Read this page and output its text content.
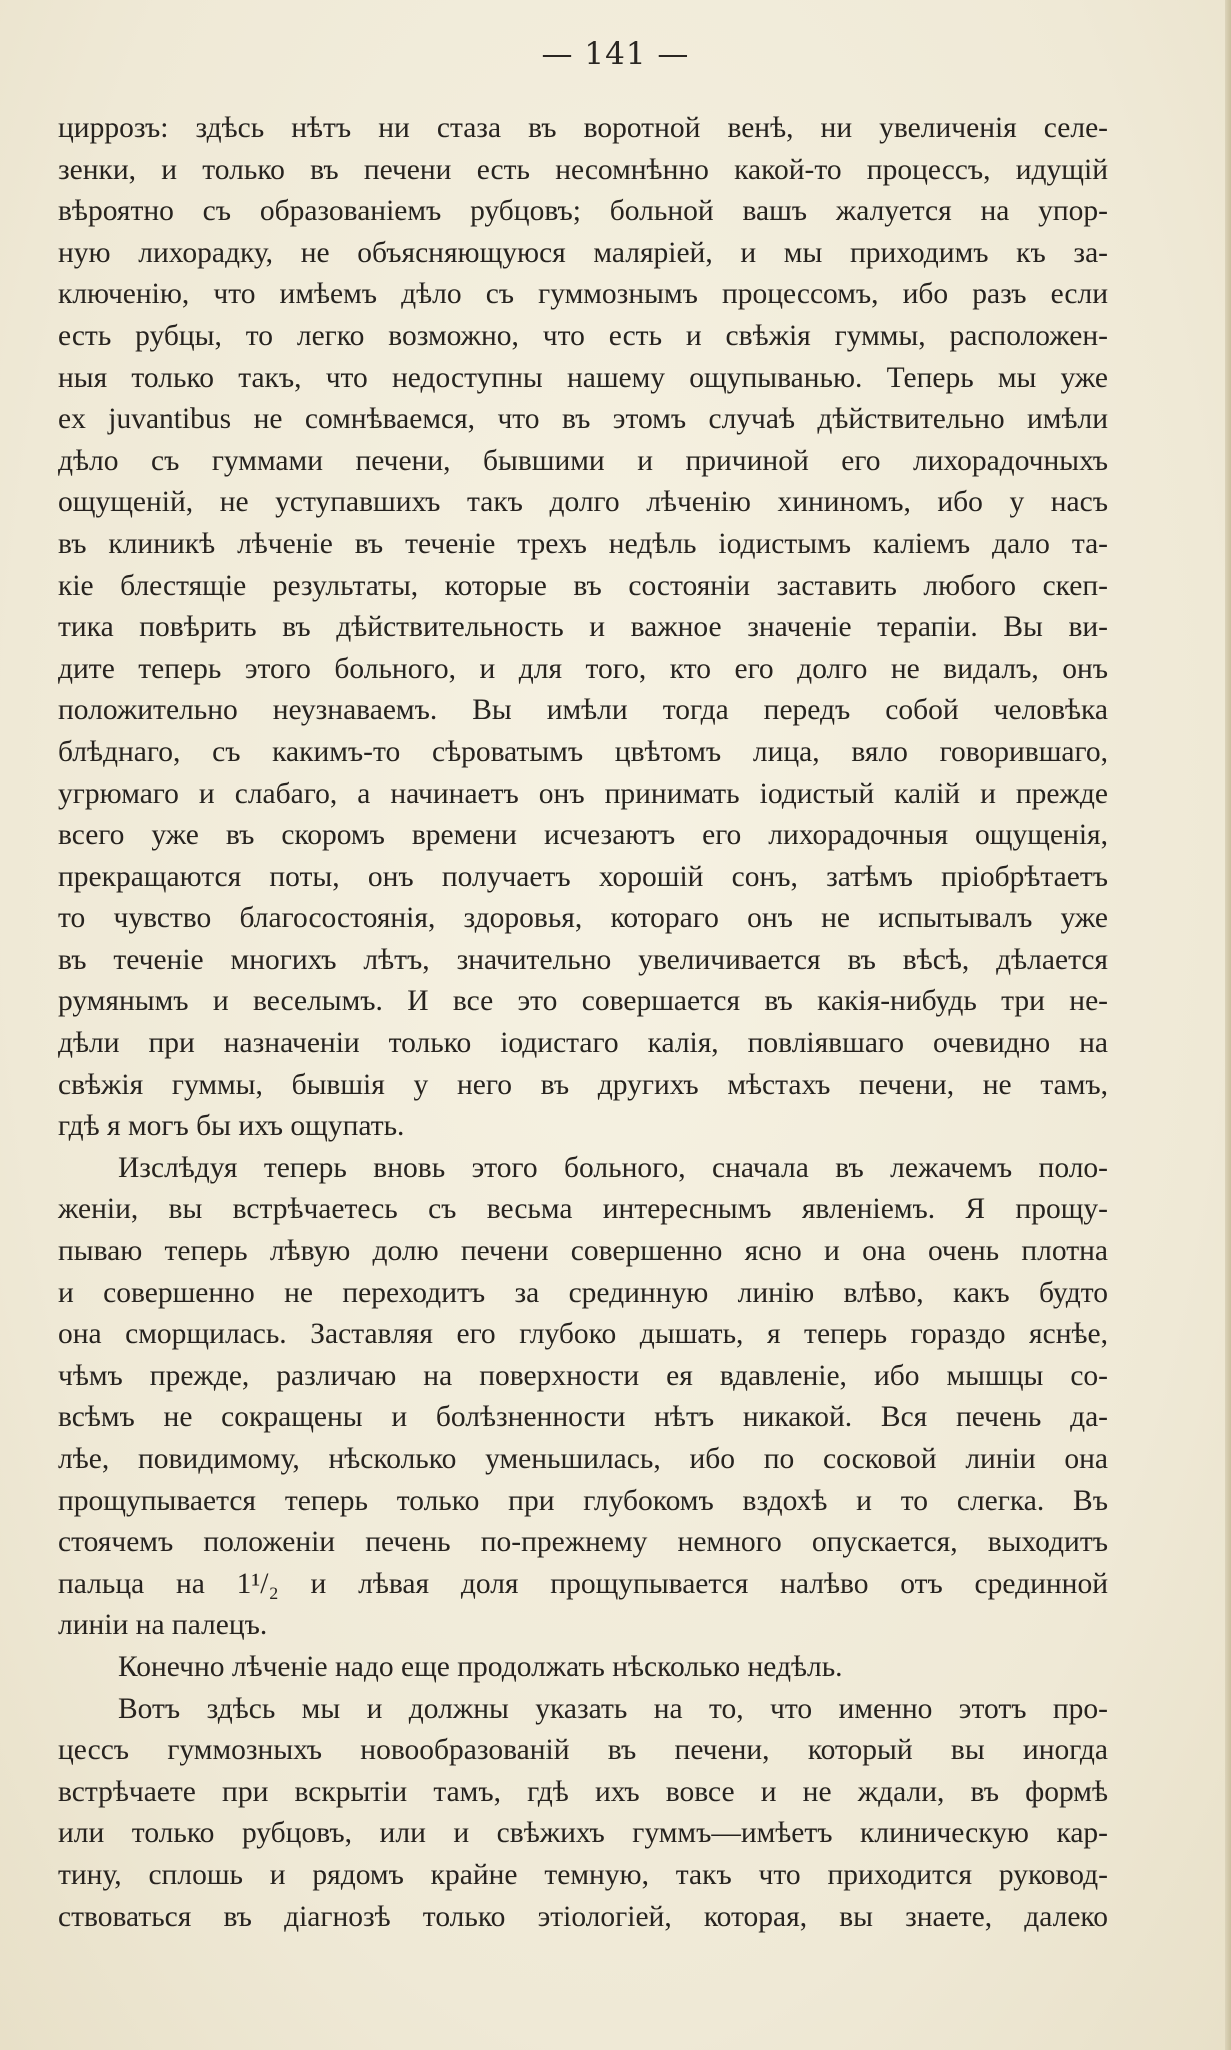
— 141 —
циррозъ: здѣсь нѣтъ ни стаза въ воротной венѣ, ни увеличенія селе-
зенки, и только въ печени есть несомнѣнно какой-то процессъ, идущій
вѣроятно съ образованіемъ рубцовъ; больной вашъ жалуется на упор-
ную лихорадку, не объясняющуюся маляріей, и мы приходимъ къ за-
ключенію, что имѣемъ дѣло съ гуммознымъ процессомъ, ибо разъ если
есть рубцы, то легко возможно, что есть и свѣжія гуммы, расположен-
ныя только такъ, что недоступны нашему ощупыванью. Теперь мы уже
ex juvantibus не сомнѣваемся, что въ этомъ случаѣ дѣйствительно имѣли
дѣло съ гуммами печени, бывшими и причиной его лихорадочныхъ
ощущеній, не уступавшихъ такъ долго лѣченію хининомъ, ибо у насъ
въ клиникѣ лѣченіе въ теченіе трехъ недѣль іодистымъ каліемъ дало та-
кіе блестящіе результаты, которые въ состояніи заставить любого скеп-
тика повѣрить въ дѣйствительность и важное значеніе терапіи. Вы ви-
дите теперь этого больного, и для того, кто его долго не видалъ, онъ
положительно неузнаваемъ. Вы имѣли тогда передъ собой человѣка
блѣднаго, съ какимъ-то сѣроватымъ цвѣтомъ лица, вяло говорившаго,
угрюмаго и слабаго, а начинаетъ онъ принимать іодистый калій и прежде
всего уже въ скоромъ времени исчезаютъ его лихорадочныя ощущенія,
прекращаются поты, онъ получаетъ хорошій сонъ, затѣмъ пріобрѣтаетъ
то чувство благосостоянія, здоровья, котораго онъ не испытывалъ уже
въ теченіе многихъ лѣтъ, значительно увеличивается въ вѣсѣ, дѣлается
румянымъ и веселымъ. И все это совершается въ какія-нибудь три не-
дѣли при назначеніи только іодистаго калія, повліявшаго очевидно на
свѣжія гуммы, бывшія у него въ другихъ мѣстахъ печени, не тамъ,
гдѣ я могъ бы ихъ ощупать.
Изслѣдуя теперь вновь этого больного, сначала въ лежачемъ поло-
женіи, вы встрѣчаетесь съ весьма интереснымъ явленіемъ. Я прощу-
пываю теперь лѣвую долю печени совершенно ясно и она очень плотна
и совершенно не переходитъ за срединную линію влѣво, какъ будто
она сморщилась. Заставляя его глубоко дышать, я теперь гораздо яснѣе,
чѣмъ прежде, различаю на поверхности ея вдавленіе, ибо мышцы со-
всѣмъ не сокращены и болѣзненности нѣтъ никакой. Вся печень да-
лѣе, повидимому, нѣсколько уменьшилась, ибо по сосковой линіи она
прощупывается теперь только при глубокомъ вздохѣ и то слегка. Въ
стоячемъ положеніи печень по-прежнему немного опускается, выходитъ
пальца на 1¹/₂ и лѣвая доля прощупывается налѣво отъ срединной
линіи на палецъ.
Конечно лѣченіе надо еще продолжать нѣсколько недѣль.
Вотъ здѣсь мы и должны указать на то, что именно этотъ про-
цессъ гуммозныхъ новообразованій въ печени, который вы иногда
встрѣчаете при вскрытіи тамъ, гдѣ ихъ вовсе и не ждали, въ формѣ
или только рубцовъ, или и свѣжихъ гуммъ—имѣетъ клиническую кар-
тину, сплошь и рядомъ крайне темную, такъ что приходится руковод-
ствоваться въ діагнозѣ только этіологіей, которая, вы знаете, далеко
